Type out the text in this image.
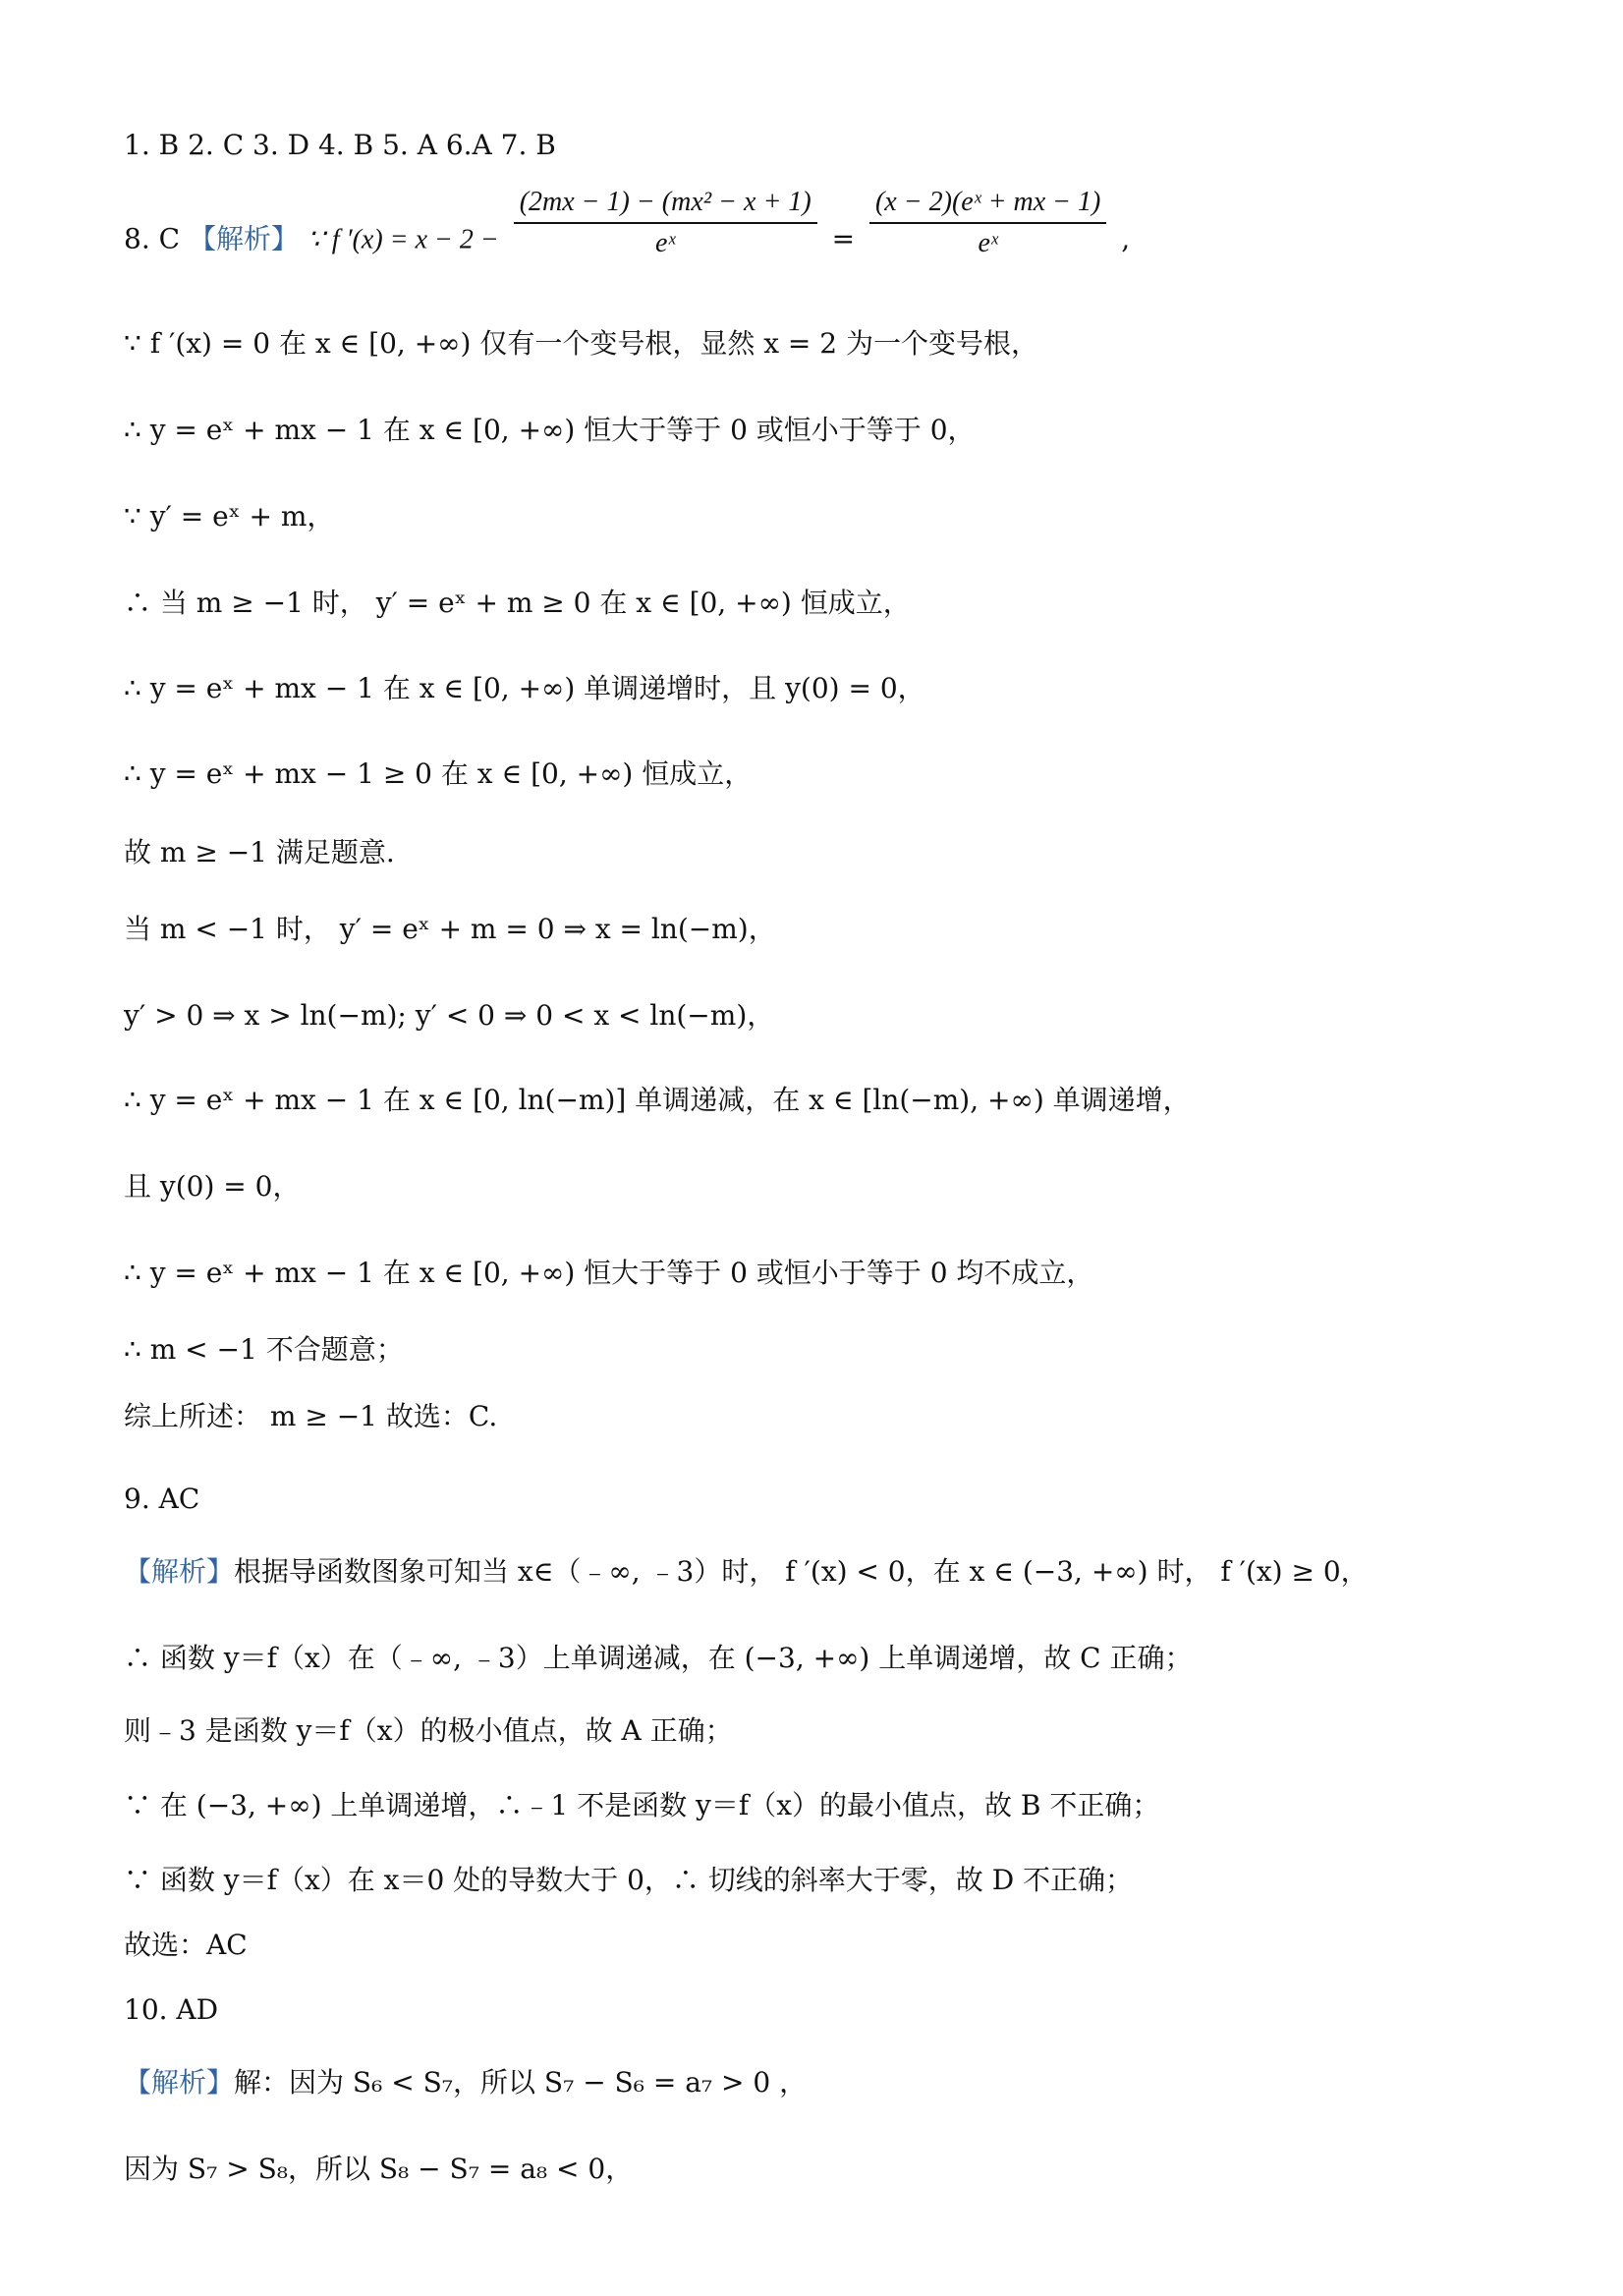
1. B 2. C 3. D 4. B 5. A 6.A 7. B
8. C 【解析】 ∵ f $'(x) = x - 2 - \frac{\text{(2mx − 1) − (mx² − x + 1)}}{\text{eˣ}} = \frac{\text{(x − 2)(eˣ + mx − 1)}}{\text{eˣ}}$ ,
∵ f ′(x) = 0 在 x ∈ [0, +∞) 仅有一个变号根，显然 x = 2 为一个变号根，
∴ y = eˣ + mx − 1 在 x ∈ [0, +∞) 恒大于等于 0 或恒小于等于 0，
∵ y′ = eˣ + m，
∴ 当 m ≥ −1 时， y′ = eˣ + m ≥ 0 在 x ∈ [0, +∞) 恒成立，
∴ y = eˣ + mx − 1 在 x ∈ [0, +∞) 单调递增时，且 y(0) = 0，
∴ y = eˣ + mx − 1 ≥ 0 在 x ∈ [0, +∞) 恒成立，
故 m ≥ −1 满足题意.
当 m < −1 时， y′ = eˣ + m = 0 ⇒ x = ln(−m)，
y′ > 0 ⇒ x > ln(−m); y′ < 0 ⇒ 0 < x < ln(−m)，
∴ y = eˣ + mx − 1 在 x ∈ [0, ln(−m)] 单调递减，在 x ∈ [ln(−m), +∞) 单调递增，
且 y(0) = 0，
∴ y = eˣ + mx − 1 在 x ∈ [0, +∞) 恒大于等于 0 或恒小于等于 0 均不成立，
∴ m < −1 不合题意；
综上所述： m ≥ −1 故选：C.
9. AC
【解析】根据导函数图象可知当 x∈（﹣∞, ﹣3）时， f ′(x) < 0，在 x ∈ (−3, +∞) 时， f ′(x) ≥ 0，
∴ 函数 y＝f（x）在（﹣∞, ﹣3）上单调递减，在 (−3, +∞) 上单调递增，故 C 正确；
则﹣3 是函数 y＝f（x）的极小值点，故 A 正确；
∵ 在 (−3, +∞) 上单调递增，∴﹣1 不是函数 y＝f（x）的最小值点，故 B 不正确；
∵ 函数 y＝f（x）在 x＝0 处的导数大于 0，∴ 切线的斜率大于零，故 D 不正确；
故选：AC
10. AD
【解析】解：因为 S₆ < S₇，所以 S₇ − S₆ = a₇ > 0 ，
因为 S₇ > S₈，所以 S₈ − S₇ = a₈ < 0，
